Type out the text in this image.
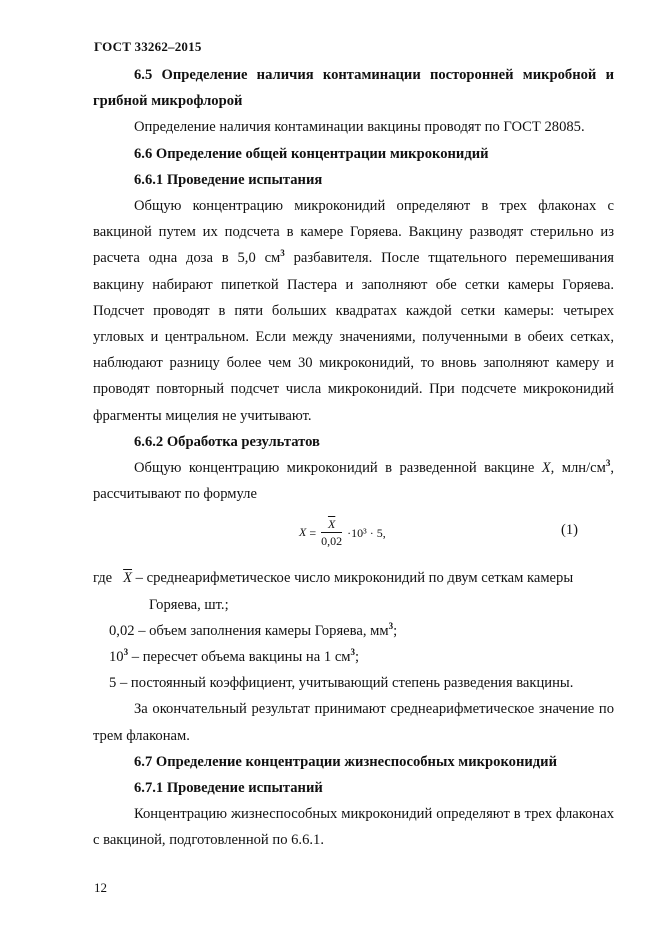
ГОСТ 33262–2015

6.5 Определение наличия контаминации посторонней микробной и грибной микрофлорой

Определение наличия контаминации вакцины проводят по ГОСТ 28085.

6.6 Определение общей концентрации микроконидий

6.6.1 Проведение испытания

Общую концентрацию микроконидий определяют в трех флаконах с вакциной путем их подсчета в камере Горяева. Вакцину разводят стерильно из расчета одна доза в 5,0 $см^3$ разбавителя. После тщательного перемешивания вакцину набирают пипеткой Пастера и заполняют обе сетки камеры Горяева. Подсчет проводят в пяти больших квадратах каждой сетки камеры: четырех угловых и центральном. Если между значениями, полученными в обеих сетках, наблюдают разницу более чем 30 микроконидий, то вновь заполняют камеру и проводят повторный подсчет числа микроконидий. При подсчете микроконидий фрагменты мицелия не учитывают.

6.6.2 Обработка результатов

Общую концентрацию микроконидий в разведенной вакцине X, млн/$см^3$, рассчитывают по формуле

$X = \frac{\overline{X}}{0,02} \cdot 10^3 \cdot 5$,	(1)

где   $\overline{X}$ – среднеарифметическое число микроконидий по двум сеткам камеры

Горяева, шт.;

0,02 – объем заполнения камеры Горяева, $мм^3$;

$10^3$ – пересчет объема вакцины на 1 $см^3$;

5 – постоянный коэффициент, учитывающий степень разведения вакцины.

За окончательный результат принимают среднеарифметическое значение по трем флаконам.

6.7 Определение концентрации жизнеспособных микроконидий

6.7.1 Проведение испытаний

Концентрацию жизнеспособных микроконидий определяют в трех флаконах с вакциной, подготовленной по 6.6.1.

12
